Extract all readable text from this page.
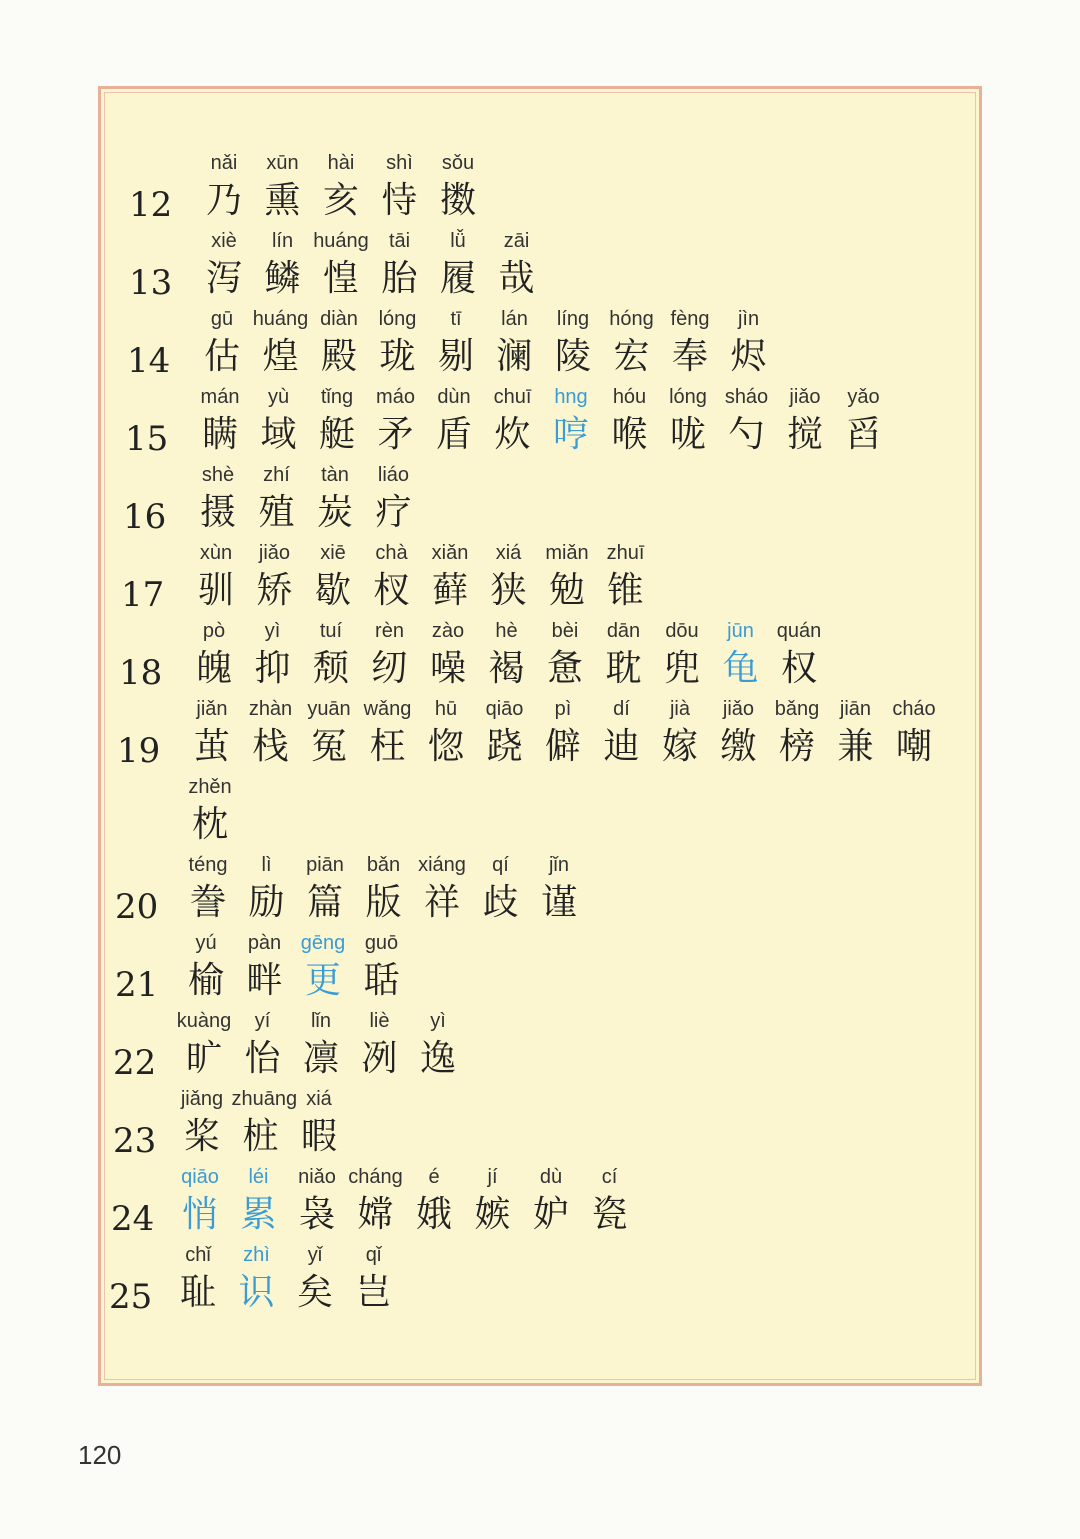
12
nǎi
乃
xūn
熏
hài
亥
shì
恃
sǒu
擞
13
xiè
泻
lín
鳞
huáng
惶
tāi
胎
lǚ
履
zāi
哉
14
gū
估
huáng
煌
diàn
殿
lóng
珑
tī
剔
lán
澜
líng
陵
hóng
宏
fèng
奉
jìn
烬
15
mán
瞒
yù
域
tǐng
艇
máo
矛
dùn
盾
chuī
炊
hng
哼
hóu
喉
lóng
咙
sháo
勺
jiǎo
搅
yǎo
舀
16
shè
摄
zhí
殖
tàn
炭
liáo
疗
17
xùn
驯
jiǎo
矫
xiē
歇
chà
杈
xiǎn
藓
xiá
狭
miǎn
勉
zhuī
锥
18
pò
魄
yì
抑
tuí
颓
rèn
纫
zào
噪
hè
褐
bèi
惫
dān
耽
dōu
兜
jūn
龟
quán
权
19
jiǎn
茧
zhàn
栈
yuān
冤
wǎng
枉
hū
惚
qiāo
跷
pì
僻
dí
迪
jià
嫁
jiǎo
缴
bǎng
榜
jiān
兼
cháo
嘲
zhěn
枕
20
téng
誊
lì
励
piān
篇
bǎn
版
xiáng
祥
qí
歧
jǐn
谨
21
yú
榆
pàn
畔
gēng
更
guō
聒
22
kuàng
旷
yí
怡
lǐn
凛
liè
冽
yì
逸
23
jiǎng
桨
zhuāng
桩
xiá
暇
24
qiāo
悄
léi
累
niǎo
袅
cháng
嫦
é
娥
jí
嫉
dù
妒
cí
瓷
25
chǐ
耻
zhì
识
yǐ
矣
qǐ
岂
120
